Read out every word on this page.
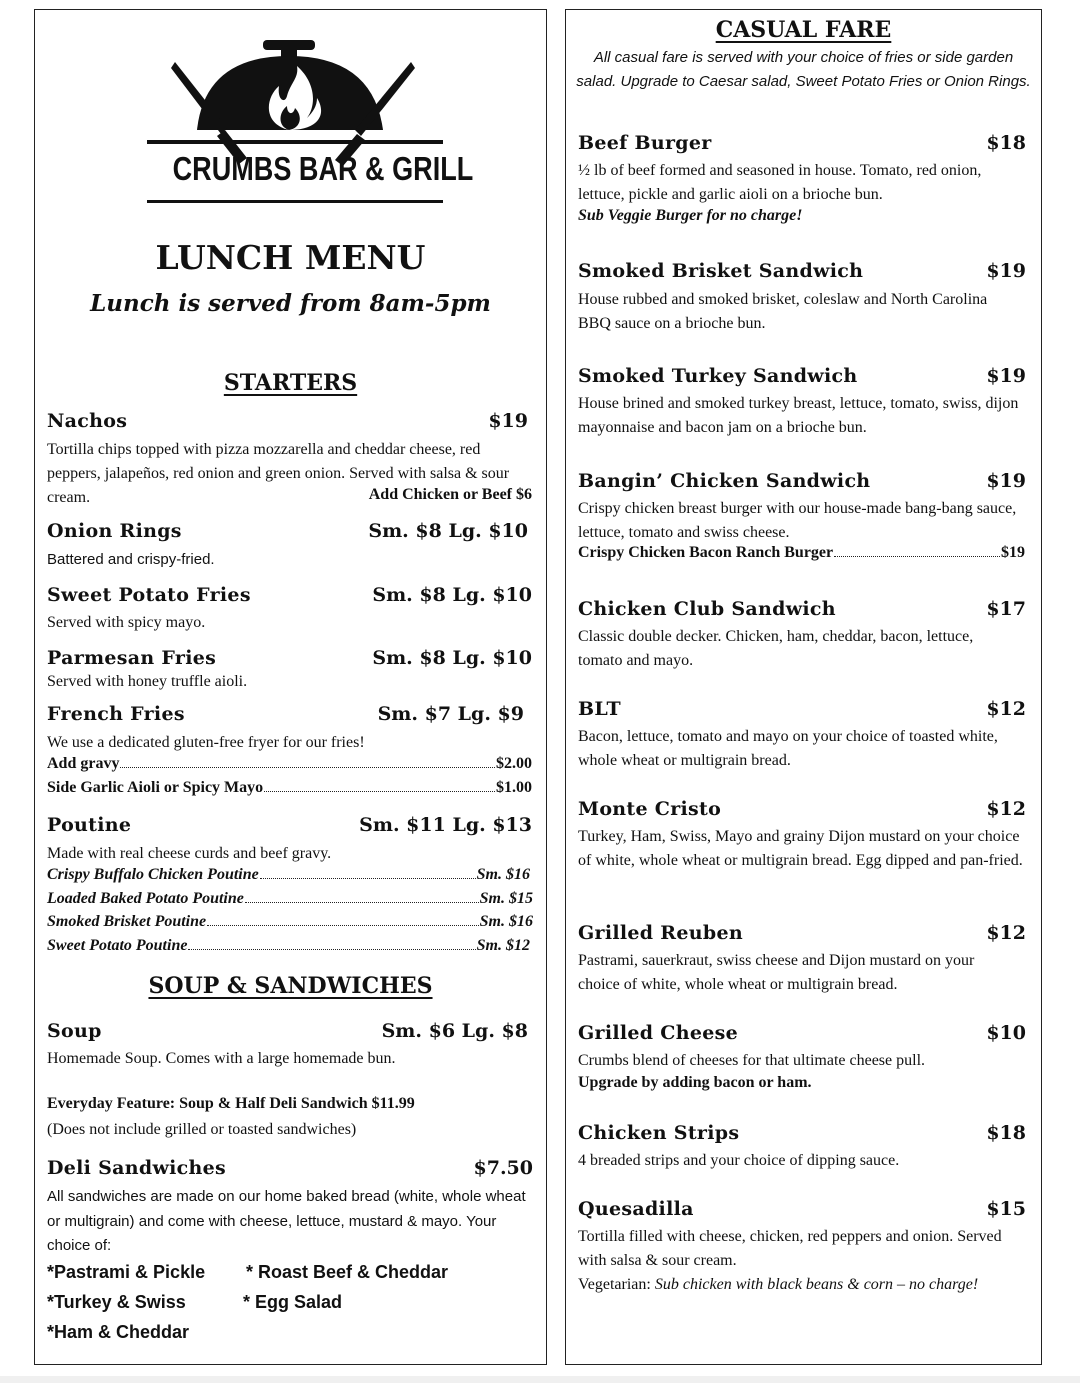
CRUMBS BAR & GRILL
LUNCH MENU
Lunch is served from 8am-5pm
STARTERS
Nachos	$19
Tortilla chips topped with pizza mozzarella and cheddar cheese, red peppers, jalapeños, red onion and green onion. Served with salsa & sour cream.	Add Chicken or Beef $6
Onion Rings	Sm. $8 Lg. $10
Battered and crispy-fried.
Sweet Potato Fries	Sm. $8 Lg. $10
Served with spicy mayo.
Parmesan Fries	Sm. $8 Lg. $10
Served with honey truffle aioli.
French Fries	Sm. $7 Lg. $9
We use a dedicated gluten-free fryer for our fries!
Add gravy	$2.00
Side Garlic Aioli or Spicy Mayo	$1.00
Poutine	Sm. $11 Lg. $13
Made with real cheese curds and beef gravy.
Crispy Buffalo Chicken Poutine	Sm. $16
Loaded Baked Potato Poutine	Sm. $15
Smoked Brisket Poutine	Sm. $16
Sweet Potato Poutine	Sm. $12
SOUP & SANDWICHES
Soup	Sm. $6 Lg. $8
Homemade Soup. Comes with a large homemade bun.
Everyday Feature: Soup & Half Deli Sandwich $11.99
(Does not include grilled or toasted sandwiches)
Deli Sandwiches	$7.50
All sandwiches are made on our home baked bread (white, whole wheat or multigrain) and come with cheese, lettuce, mustard & mayo. Your choice of:
*Pastrami & Pickle * Roast Beef & Cheddar
*Turkey & Swiss	* Egg Salad
*Ham & Cheddar
CASUAL FARE
All casual fare is served with your choice of fries or side garden salad. Upgrade to Caesar salad, Sweet Potato Fries or Onion Rings.
Beef Burger	$18
½ lb of beef formed and seasoned in house. Tomato, red onion, lettuce, pickle and garlic aioli on a brioche bun.
Sub Veggie Burger for no charge!
Smoked Brisket Sandwich	$19
House rubbed and smoked brisket, coleslaw and North Carolina BBQ sauce on a brioche bun.
Smoked Turkey Sandwich	$19
House brined and smoked turkey breast, lettuce, tomato, swiss, dijon mayonnaise and bacon jam on a brioche bun.
Bangin’ Chicken Sandwich	$19
Crispy chicken breast burger with our house-made bang-bang sauce, lettuce, tomato and swiss cheese.
Crispy Chicken Bacon Ranch Burger	$19
Chicken Club Sandwich	$17
Classic double decker. Chicken, ham, cheddar, bacon, lettuce, tomato and mayo.
BLT	$12
Bacon, lettuce, tomato and mayo on your choice of toasted white, whole wheat or multigrain bread.
Monte Cristo	$12
Turkey, Ham, Swiss, Mayo and grainy Dijon mustard on your choice of white, whole wheat or multigrain bread. Egg dipped and pan-fried.
Grilled Reuben	$12
Pastrami, sauerkraut, swiss cheese and Dijon mustard on your choice of white, whole wheat or multigrain bread.
Grilled Cheese	$10
Crumbs blend of cheeses for that ultimate cheese pull.
Upgrade by adding bacon or ham.
Chicken Strips	$18
4 breaded strips and your choice of dipping sauce.
Quesadilla	$15
Tortilla filled with cheese, chicken, red peppers and onion. Served with salsa & sour cream.
Vegetarian: Sub chicken with black beans & corn – no charge!
